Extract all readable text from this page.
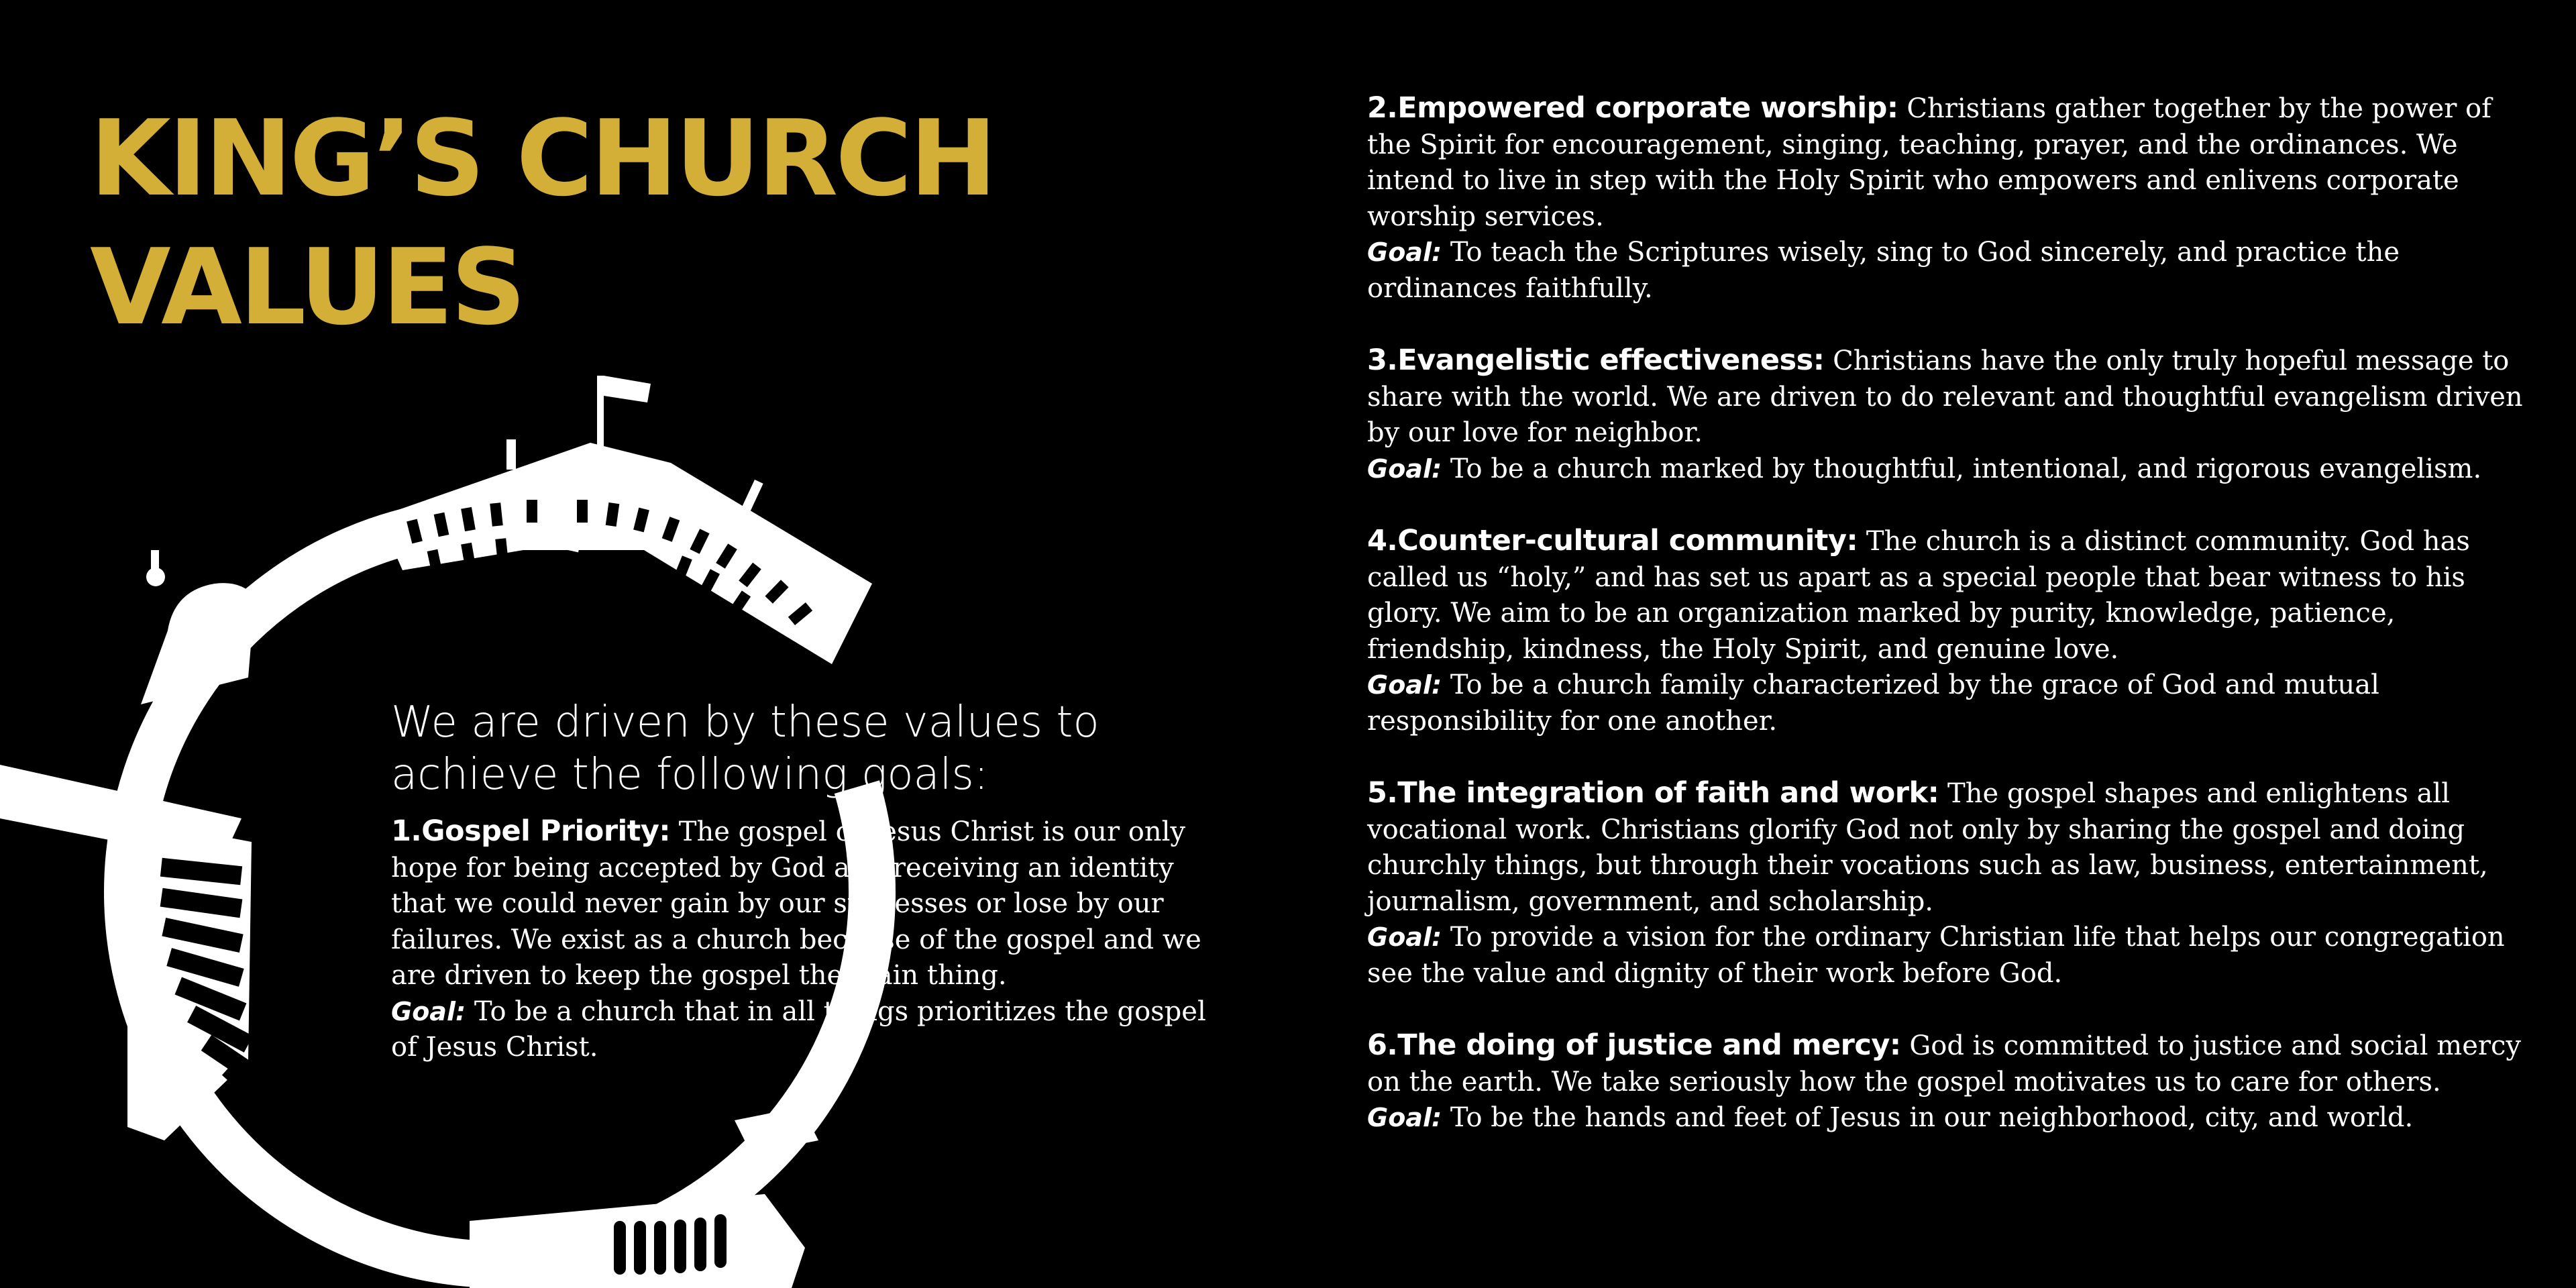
KING’S CHURCH
VALUES

We are driven by these values to achieve the following goals:

1.Gospel Priority: The gospel of Jesus Christ is our only hope for being accepted by God and receiving an identity that we could never gain by our successes or lose by our failures. We exist as a church because of the gospel and we are driven to keep the gospel the main thing.
Goal: To be a church that in all things prioritizes the gospel of Jesus Christ.

2.Empowered corporate worship: Christians gather together by the power of the Spirit for encouragement, singing, teaching, prayer, and the ordinances. We intend to live in step with the Holy Spirit who empowers and enlivens corporate worship services.
Goal: To teach the Scriptures wisely, sing to God sincerely, and practice the ordinances faithfully.

3.Evangelistic effectiveness: Christians have the only truly hopeful message to share with the world. We are driven to do relevant and thoughtful evangelism driven by our love for neighbor.
Goal: To be a church marked by thoughtful, intentional, and rigorous evangelism.

4.Counter-cultural community: The church is a distinct community. God has called us “holy,” and has set us apart as a special people that bear witness to his glory. We aim to be an organization marked by purity, knowledge, patience, friendship, kindness, the Holy Spirit, and genuine love.
Goal: To be a church family characterized by the grace of God and mutual responsibility for one another.

5.The integration of faith and work: The gospel shapes and enlightens all vocational work. Christians glorify God not only by sharing the gospel and doing churchly things, but through their vocations such as law, business, entertainment, journalism, government, and scholarship.
Goal: To provide a vision for the ordinary Christian life that helps our congregation see the value and dignity of their work before God.

6.The doing of justice and mercy: God is committed to justice and social mercy on the earth. We take seriously how the gospel motivates us to care for others.
Goal: To be the hands and feet of Jesus in our neighborhood, city, and world.
